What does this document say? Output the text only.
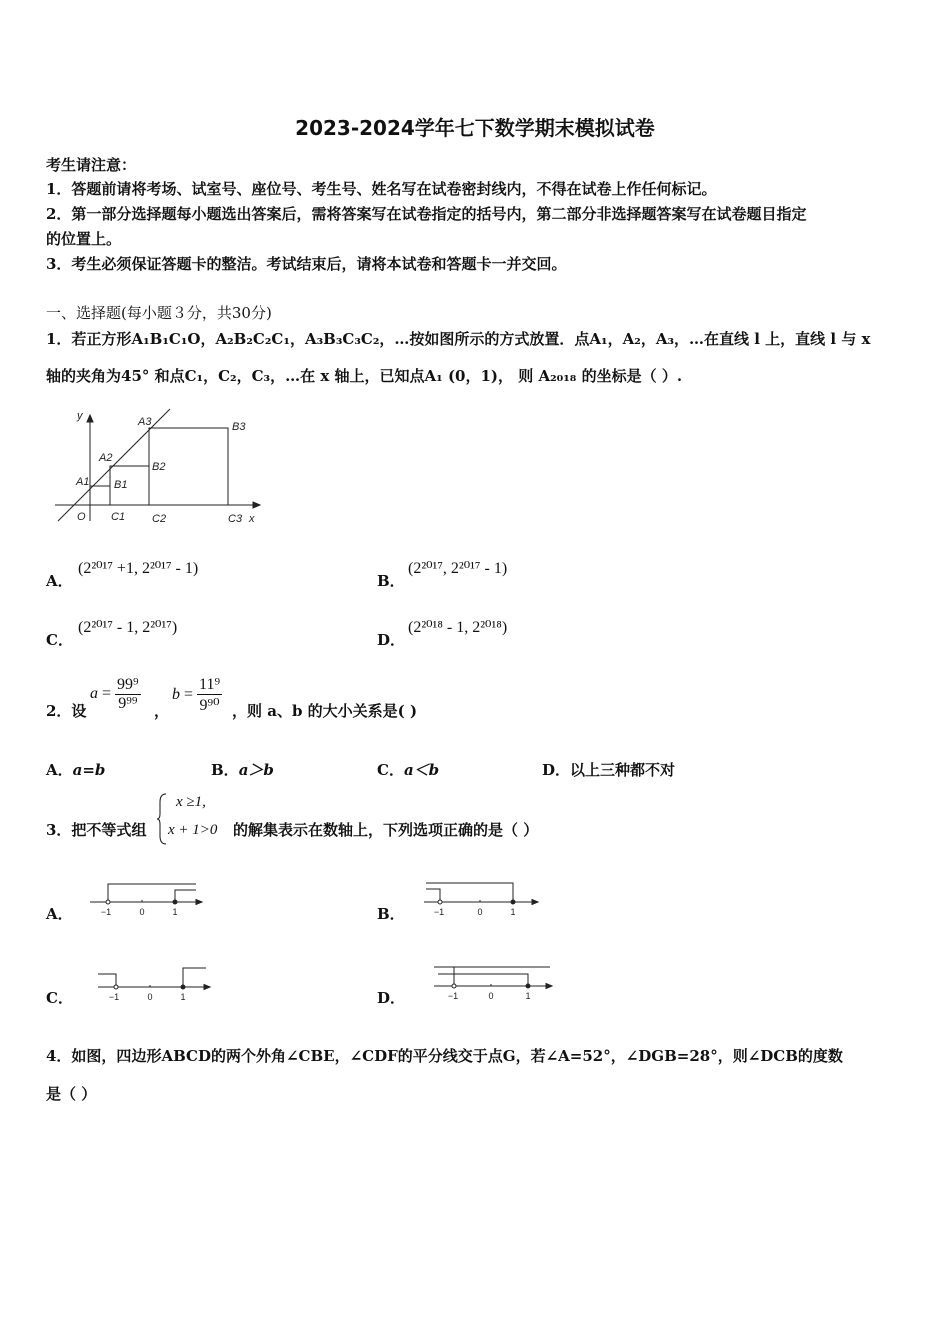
2023-2024学年七下数学期末模拟试卷
考生请注意：
1．答题前请将考场、试室号、座位号、考生号、姓名写在试卷密封线内，不得在试卷上作任何标记。
2．第一部分选择题每小题选出答案后，需将答案写在试卷指定的括号内，第二部分非选择题答案写在试卷题目指定
的位置上。
3．考生必须保证答题卡的整洁。考试结束后，请将本试卷和答题卡一并交回。
一、选择题(每小题３分，共30分)
1．若正方形A₁B₁C₁O，A₂B₂C₂C₁，A₃B₃C₃C₂，…按如图所示的方式放置．点A₁，A₂，A₃，…在直线 l 上，直线 l 与 x
轴的夹角为45° 和点C₁，C₂，C₃，…在 x 轴上，已知点A₁ (0，1)， 则 A₂₀₁₈ 的坐标是（ ）.
y	A3	B3
A2
B2
A1 B1
O C1 C2	C3 x
A．
(2²⁰¹⁷ +1, 2²⁰¹⁷ - 1)
B．
(2²⁰¹⁷, 2²⁰¹⁷ - 1)
C．
(2²⁰¹⁷ - 1, 2²⁰¹⁷)
D．
(2²⁰¹⁸ - 1, 2²⁰¹⁸)
2．设
$a = \frac{\text{99⁹}}{\text{9⁹⁹}}$ ，
$b = \frac{\text{11⁹}}{\text{9⁹⁰}}$ ，则 a、b 的大小关系是( )
A．a=b	B．a＞b	C．a＜b	D．以上三种都不对
3．把不等式组
x ≥1,
x + 1>0 的解集表示在数轴上，下列选项正确的是（ ）
A．	−1	0	1	B．	−1	0	1
C．	−1	0	1	D．	−1	0	1
4．如图，四边形ABCD的两个外角∠CBE，∠CDF的平分线交于点G，若∠A=52°，∠DGB=28°，则∠DCB的度数
是（ ）
